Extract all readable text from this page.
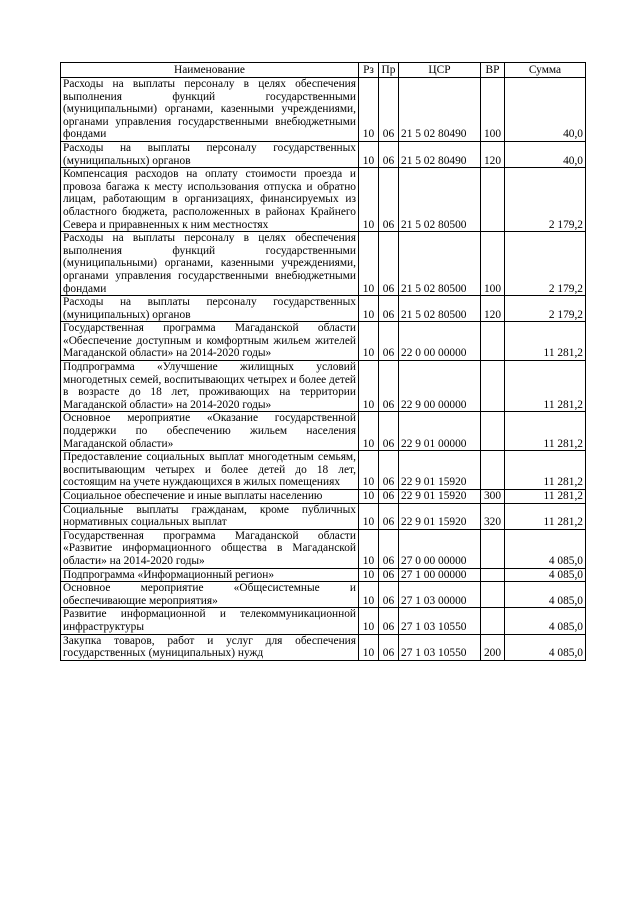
Наименование	Рз	Пр	ЦСР	ВР	Сумма
Расходы на выплаты персоналу в целях обеспечения выполнения функций государственными (муниципальными) органами, казенными учреждениями, органами управления государственными внебюджетными фондами	10	06	21 5 02 80490	100	40,0
Расходы на выплаты персоналу государственных (муниципальных) органов	10	06	21 5 02 80490	120	40,0
Компенсация расходов на оплату стоимости проезда и провоза багажа к месту использования отпуска и обратно лицам, работающим в организациях, финансируемых из областного бюджета, расположенных в районах Крайнего Севера и приравненных к ним местностях	10	06	21 5 02 80500		2 179,2
Расходы на выплаты персоналу в целях обеспечения выполнения функций государственными (муниципальными) органами, казенными учреждениями, органами управления государственными внебюджетными фондами	10	06	21 5 02 80500	100	2 179,2
Расходы на выплаты персоналу государственных (муниципальных) органов	10	06	21 5 02 80500	120	2 179,2
Государственная программа Магаданской области «Обеспечение доступным и комфортным жильем жителей Магаданской области» на 2014-2020 годы»	10	06	22 0 00 00000		11 281,2
Подпрограмма «Улучшение жилищных условий многодетных семей, воспитывающих четырех и более детей в возрасте до 18 лет, проживающих на территории Магаданской области» на 2014-2020 годы»	10	06	22 9 00 00000		11 281,2
Основное мероприятие «Оказание государственной поддержки по обеспечению жильем населения Магаданской области»	10	06	22 9 01 00000		11 281,2
Предоставление социальных выплат многодетным семьям, воспитывающим четырех и более детей до 18 лет, состоящим на учете нуждающихся в жилых помещениях	10	06	22 9 01 15920		11 281,2
Социальное обеспечение и иные выплаты населению	10	06	22 9 01 15920	300	11 281,2
Социальные выплаты гражданам, кроме публичных нормативных социальных выплат	10	06	22 9 01 15920	320	11 281,2
Государственная программа Магаданской области «Развитие информационного общества в Магаданской области» на 2014-2020 годы»	10	06	27 0 00 00000		4 085,0
Подпрограмма «Информационный регион»	10	06	27 1 00 00000		4 085,0
Основное мероприятие «Общесистемные и обеспечивающие мероприятия»	10	06	27 1 03 00000		4 085,0
Развитие информационной и телекоммуникационной инфраструктуры	10	06	27 1 03 10550		4 085,0
Закупка товаров, работ и услуг для обеспечения государственных (муниципальных) нужд	10	06	27 1 03 10550	200	4 085,0
